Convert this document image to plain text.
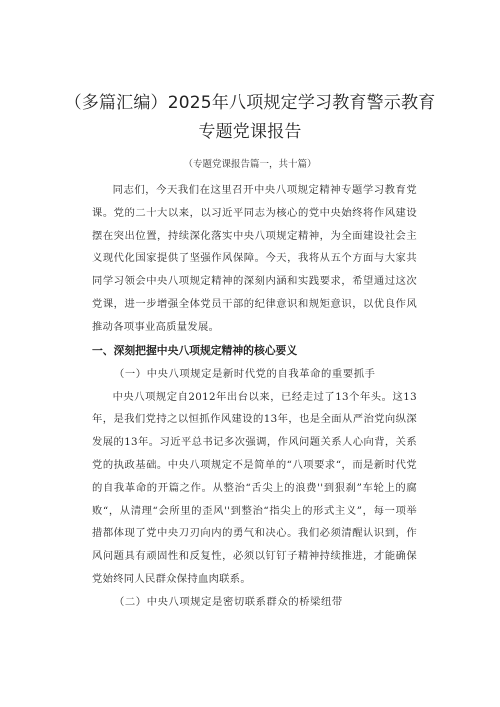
（多篇汇编）2025年八项规定学习教育警示教育专题党课报告
（专题党课报告篇一，共十篇）

同志们，今天我们在这里召开中央八项规定精神专题学习教育党课。党的二十大以来，以习近平同志为核心的党中央始终将作风建设摆在突出位置，持续深化落实中央八项规定精神，为全面建设社会主义现代化国家提供了坚强作风保障。今天，我将从五个方面与大家共同学习领会中央八项规定精神的深刻内涵和实践要求，希望通过这次党课，进一步增强全体党员干部的纪律意识和规矩意识，以优良作风推动各项事业高质量发展。

一、深刻把握中央八项规定精神的核心要义

（一）中央八项规定是新时代党的自我革命的重要抓手

中央八项规定自2012年出台以来，已经走过了13个年头。这13年，是我们党持之以恒抓作风建设的13年，也是全面从严治党向纵深发展的13年。习近平总书记多次强调，作风问题关系人心向背，关系党的执政基础。中央八项规定不是简单的“八项要求“，而是新时代党的自我革命的开篇之作。从整治“舌尖上的浪费''到狠刹”车轮上的腐败“，从清理“会所里的歪风''到整治“指尖上的形式主义”，每一项举措都体现了党中央刀刃向内的勇气和决心。我们必须清醒认识到，作风问题具有顽固性和反复性，必须以钉钉子精神持续推进，才能确保党始终同人民群众保持血肉联系。

（二）中央八项规定是密切联系群众的桥梁纽带
